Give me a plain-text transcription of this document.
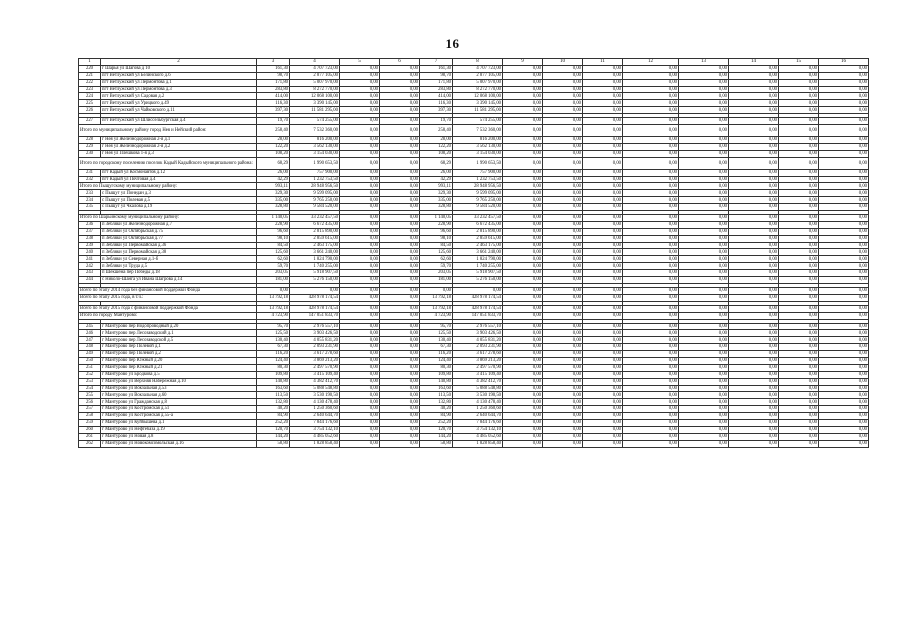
16
1	2	3	4	5	6	7	8	9	10	11	12	13	14	15	16
220	г Шарья ул Шагова д 10	161,30	4 707 723,00	0,00	0,00	161,30	4 707 723,00	0,00	0,00	0,00	0,00	0,00	0,00	0,00	0,00
221	пгт Ветлужский ул Белинского д.6	98,70	2 877 105,00	0,00	0,00	98,70	2 877 105,00	0,00	0,00	0,00	0,00	0,00	0,00	0,00	0,00
222	пгт Ветлужский ул Лермонтова д.1	171,80	5 007 970,00	0,00	0,00	171,80	5 007 970,00	0,00	0,00	0,00	0,00	0,00	0,00	0,00	0,00
223	пгт Ветлужский ул Лермонтова д.3	283,80	8 272 770,00	0,00	0,00	283,80	8 272 770,00	0,00	0,00	0,00	0,00	0,00	0,00	0,00	0,00
224	пгт Ветлужский ул Садовая д.2	414,00	12 068 100,00	0,00	0,00	414,00	12 068 100,00	0,00	0,00	0,00	0,00	0,00	0,00	0,00	0,00
225	пгт Ветлужский ул Урицкого д.49	116,30	3 390 145,00	0,00	0,00	116,30	3 390 145,00	0,00	0,00	0,00	0,00	0,00	0,00	0,00	0,00
226	пгт Ветлужский ул Чайковского д.11	397,30	11 581 295,00	0,00	0,00	397,30	11 581 295,00	0,00	0,00	0,00	0,00	0,00	0,00	0,00	0,00

227	пгт Ветлужский ул Шлиссельбургская д.4	19,70	574 255,00	0,00	0,00	19,70	574 255,00	0,00	0,00	0,00	0,00	0,00	0,00	0,00	0,00
Итого по муниципальному району город Нея и Нейский район:		258,40	7 532 360,00	0,00	0,00	258,40	7 532 360,00	0,00	0,00	0,00	0,00	0,00	0,00	0,00	0,00
228	г Нея ул Железнодорожная 2-я д.1	28,00	816 200,00	0,00	0,00	28,00	816 200,00	0,00	0,00	0,00	0,00	0,00	0,00	0,00	0,00
229	г Нея ул Железнодорожная 2-я д.2	122,20	3 562 130,00	0,00	0,00	122,20	3 562 130,00	0,00	0,00	0,00	0,00	0,00	0,00	0,00	0,00
230	г Нея ул Плешкова 1-я д.3	108,20	3 154 030,00	0,00	0,00	108,20	3 154 030,00	0,00	0,00	0,00	0,00	0,00	0,00	0,00	0,00
Итого по городскому поселению поселок Кадый Кадыйского муниципального района:		68,29	1 990 653,50	0,00	0,00	68,29	1 990 653,50	0,00	0,00	0,00	0,00	0,00	0,00	0,00	0,00
231	пгт Кадый ул Космонавтов д.12	26,00	757 900,00	0,00	0,00	26,00	757 900,00	0,00	0,00	0,00	0,00	0,00	0,00	0,00	0,00
232	пгт Кадый ул Почтовая д.4	42,29	1 232 753,50	0,00	0,00	42,29	1 232 753,50	0,00	0,00	0,00	0,00	0,00	0,00	0,00	0,00
Итого по Пыщугскому муниципальному району:		993,11	28 948 956,50	0,00	0,00	993,11	28 948 956,50	0,00	0,00	0,00	0,00	0,00	0,00	0,00	0,00
233	с Пыщуг ул Понедан д.3	329,30	9 599 095,00	0,00	0,00	329,30	9 599 095,00	0,00	0,00	0,00	0,00	0,00	0,00	0,00	0,00
234	с Пыщуг ул Полевая д.5	335,00	9 765 250,00	0,00	0,00	335,00	9 765 250,00	0,00	0,00	0,00	0,00	0,00	0,00	0,00	0,00
235	с Пыщуг ул Чкалова д.19	328,80	9 584 520,00	0,00	0,00	328,80	9 584 520,00	0,00	0,00	0,00	0,00	0,00	0,00	0,00	0,00

Итого по Шарьинскому муниципальному району:		1 140,05	33 232 457,50	0,00	0,00	1 140,05	33 232 457,50	0,00	0,00	0,00	0,00	0,00	0,00	0,00	0,00
236	п Зебляки ул Железнодорожная д.7	228,90	6 672 435,00	0,00	0,00	228,90	6 672 435,00	0,00	0,00	0,00	0,00	0,00	0,00	0,00	0,00
237	п Зебляки ул Октябрьская д.75	96,60	2 815 890,00	0,00	0,00	96,60	2 815 890,00	0,00	0,00	0,00	0,00	0,00	0,00	0,00	0,00
238	п Зебляки ул Октябрьская д.77	98,10	2 859 615,00	0,00	0,00	98,10	2 859 615,00	0,00	0,00	0,00	0,00	0,00	0,00	0,00	0,00
239	п Зебляки ул Первомайская д.36	84,50	2 463 175,00	0,00	0,00	84,50	2 463 175,00	0,00	0,00	0,00	0,00	0,00	0,00	0,00	0,00
240	п Зебляки ул Первомайская д.38	125,60	3 661 240,00	0,00	0,00	125,60	3 661 240,00	0,00	0,00	0,00	0,00	0,00	0,00	0,00	0,00
241	п Зебляки ул Северная д.1-б	62,60	1 824 790,00	0,00	0,00	62,60	1 824 790,00	0,00	0,00	0,00	0,00	0,00	0,00	0,00	0,00
242	п Зебляки ул Труда д.5	59,70	1 740 255,00	0,00	0,00	59,70	1 740 255,00	0,00	0,00	0,00	0,00	0,00	0,00	0,00	0,00
243	п Шекшема пер Победы д.18	203,05	5 918 907,50	0,00	0,00	203,05	5 918 907,50	0,00	0,00	0,00	0,00	0,00	0,00	0,00	0,00
244	с Николо-Шанга ул Ивана Шагрова д.14	181,00	5 276 150,00	0,00	0,00	181,00	5 276 150,00	0,00	0,00	0,00	0,00	0,00	0,00	0,00	0,00

Всего по этапу 2014 года без финансовой поддержки Фонда		0,00	0,00	0,00	0,00	0,00	0,00	0,00	0,00	0,00	0,00	0,00	0,00	0,00	0,00
Всего по этапу 2015 года, в т.ч.:		13 792,18	428 978 174,54	0,00	0,00	13 792,18	428 978 174,54	0,00	0,00	0,00	0,00	0,00	0,00	0,00	0,00

Всего по этапу 2015 года с финансовой поддержкой Фонда		13 792,18	428 978 174,54	0,00	0,00	13 792,18	428 978 174,54	0,00	0,00	0,00	0,00	0,00	0,00	0,00	0,00
Итого по городу Мантурово:		4 723,90	147 051 833,70	0,00	0,00	4 723,90	147 051 833,70	0,00	0,00	0,00	0,00	0,00	0,00	0,00	0,00

245	г Мантурово пер Водопроводный д.20	95,70	2 976 557,10	0,00	0,00	95,70	2 976 557,10	0,00	0,00	0,00	0,00	0,00	0,00	0,00	0,00
246	г Мантурово пер Лесозаводский д.1	125,50	3 903 426,50	0,00	0,00	125,50	3 903 426,50	0,00	0,00	0,00	0,00	0,00	0,00	0,00	0,00
247	г Мантурово пер Лесозаводской д.5	130,40	4 055 831,20	0,00	0,00	130,40	4 055 831,20	0,00	0,00	0,00	0,00	0,00	0,00	0,00	0,00
248	г Мантурово пер Полевой д.1	67,30	2 093 231,90	0,00	0,00	67,30	2 093 231,90	0,00	0,00	0,00	0,00	0,00	0,00	0,00	0,00
249	г Мантурово пер Полевой д.2	116,20	3 617 278,60	0,00	0,00	116,20	3 617 278,60	0,00	0,00	0,00	0,00	0,00	0,00	0,00	0,00
250	г Мантурово пер Южный д.20	124,40	3 869 213,20	0,00	0,00	124,40	3 869 213,20	0,00	0,00	0,00	0,00	0,00	0,00	0,00	0,00
251	г Мантурово пер Южный д.21	80,30	2 497 570,90	0,00	0,00	80,30	2 497 570,90	0,00	0,00	0,00	0,00	0,00	0,00	0,00	0,00
252	г Мантурово ул Бродкова д.5	109,80	3 415 109,40	0,00	0,00	109,80	3 415 109,40	0,00	0,00	0,00	0,00	0,00	0,00	0,00	0,00
253	г Мантурово ул Верхняя Набережная д.10	140,80	4 382 412,70	0,00	0,00	140,80	4 382 412,70	0,00	0,00	0,00	0,00	0,00	0,00	0,00	0,00
254	г Мантурово ул Вокзальная д.53	163,60	5 088 548,80	0,00	0,00	163,60	5 088 548,80	0,00	0,00	0,00	0,00	0,00	0,00	0,00	0,00
255	г Мантурово ул Вокзальная д.60	113,50	3 530 190,50	0,00	0,00	113,50	3 530 190,50	0,00	0,00	0,00	0,00	0,00	0,00	0,00	0,00
256	г Мантурово ул Гражданская д.8	132,80	4 130 478,40	0,00	0,00	132,80	4 130 478,40	0,00	0,00	0,00	0,00	0,00	0,00	0,00	0,00
257	г Мантурово ул Костромская д.51	40,20	1 250 360,60	0,00	0,00	40,20	1 250 360,60	0,00	0,00	0,00	0,00	0,00	0,00	0,00	0,00
258	г Мантурово ул Костромская д.55-а	84,90	2 640 644,70	0,00	0,00	84,90	2 640 644,70	0,00	0,00	0,00	0,00	0,00	0,00	0,00	0,00
259	г Мантурово ул Куйбышева д.1	252,20	7 844 176,60	0,00	0,00	252,20	7 844 176,60	0,00	0,00	0,00	0,00	0,00	0,00	0,00	0,00
260	г Мантурово ул Нефтебаза д.19	120,70	3 754 132,10	0,00	0,00	120,70	3 754 132,10	0,00	0,00	0,00	0,00	0,00	0,00	0,00	0,00
261	г Мантурово ул Новая д.8	144,20	4 485 052,60	0,00	0,00	144,20	4 485 052,60	0,00	0,00	0,00	0,00	0,00	0,00	0,00	0,00
262	г Мантурово ул Новокомсомольская д.16	58,80	1 828 858,40	0,00	0,00	58,80	1 828 858,40	0,00	0,00	0,00	0,00	0,00	0,00	0,00	0,00
